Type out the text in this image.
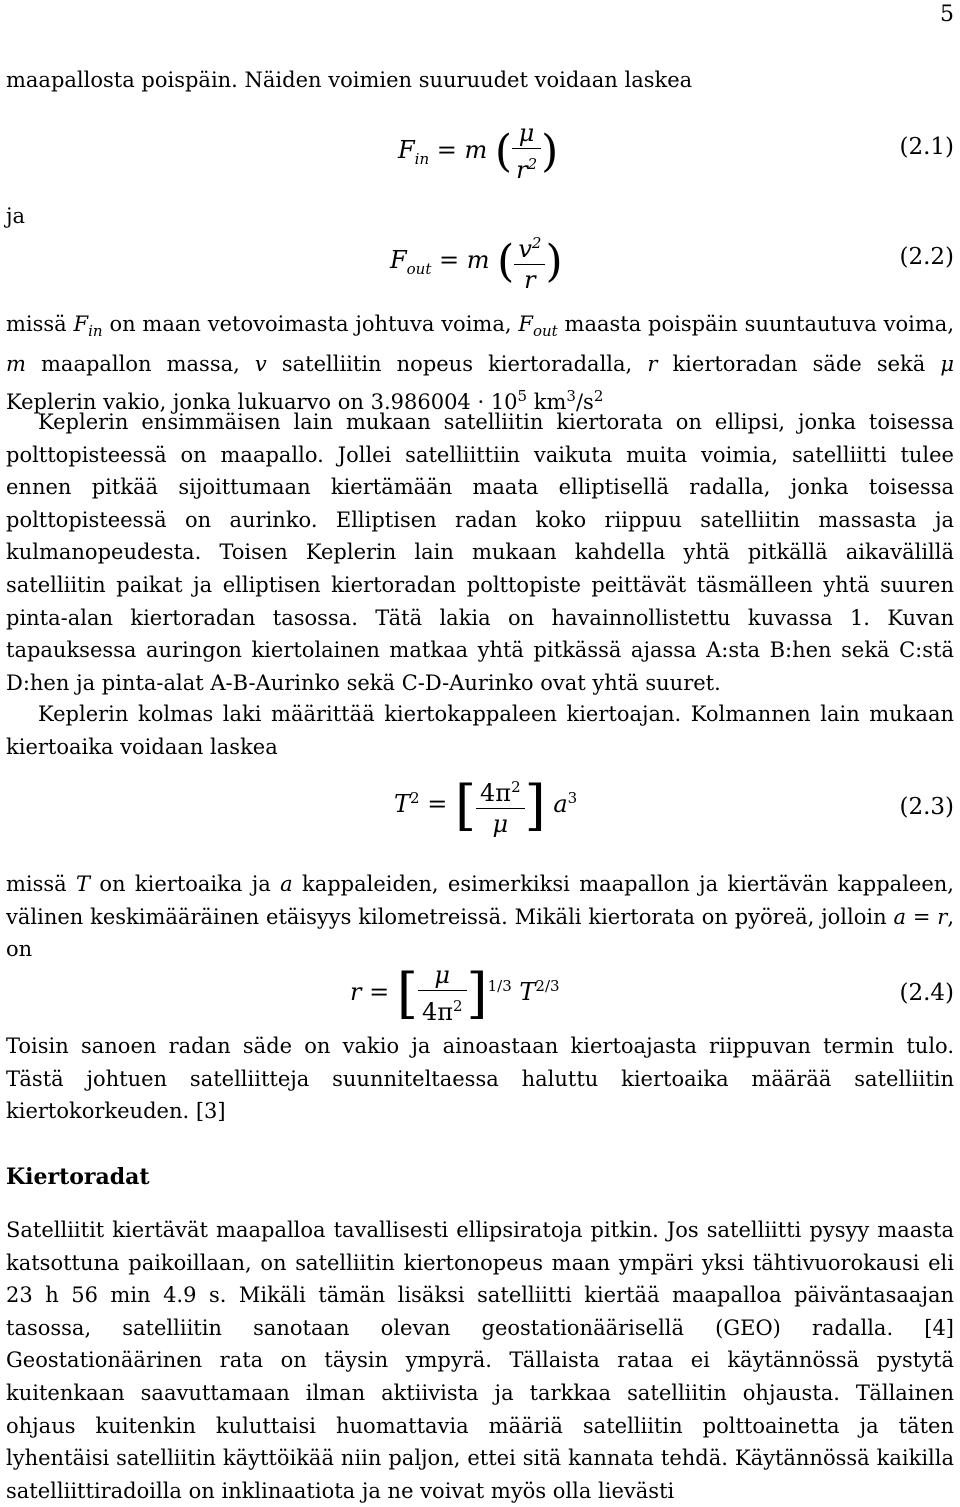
5

maapallosta poispäin. Näiden voimien suuruudet voidaan laskea

$F_{in} = m$ ( $\frac{\mu}{r^2}$ )	(2.1)

ja

$F_{out} = m$ ( $\frac{v^2}{r}$ )	(2.2)

missä $F_{in}$ on maan vetovoimasta johtuva voima, $F_{out}$ maasta poispäin suuntautuva voima, m maapallon massa, v satelliitin nopeus kiertoradalla, r kiertoradan säde sekä μ Keplerin vakio, jonka lukuarvo on $3.986004 \cdot 10^5$ $km^3/s^2$

Keplerin ensimmäisen lain mukaan satelliitin kiertorata on ellipsi, jonka toisessa polttopisteessä on maapallo. Jollei satelliittiin vaikuta muita voimia, satelliitti tulee ennen pitkää sijoittumaan kiertämään maata elliptisellä radalla, jonka toisessa polttopisteessä on aurinko. Elliptisen radan koko riippuu satelliitin massasta ja kulmanopeudesta. Toisen Keplerin lain mukaan kahdella yhtä pitkällä aikavälillä satelliitin paikat ja elliptisen kiertoradan polttopiste peittävät täsmälleen yhtä suuren pinta-alan kiertoradan tasossa. Tätä lakia on havainnollistettu kuvassa 1. Kuvan tapauksessa auringon kiertolainen matkaa yhtä pitkässä ajassa A:sta B:hen sekä C:stä D:hen ja pinta-alat A-B-Aurinko sekä C-D-Aurinko ovat yhtä suuret.

Keplerin kolmas laki määrittää kiertokappaleen kiertoajan. Kolmannen lain mukaan kiertoaika voidaan laskea

$T^2$ = [ $\frac{4\pi^2}{\mu}$ ] $a^3$	(2.3)

missä T on kiertoaika ja a kappaleiden, esimerkiksi maapallon ja kiertävän kappaleen, välinen keskimääräinen etäisyys kilometreissä. Mikäli kiertorata on pyöreä, jolloin a = r, on

r = [ $\frac{\mu}{4\pi^2} ]^{1/3}$ $T^{2/3}$	(2.4)

Toisin sanoen radan säde on vakio ja ainoastaan kiertoajasta riippuvan termin tulo. Tästä johtuen satelliitteja suunniteltaessa haluttu kiertoaika määrää satelliitin kiertokorkeuden. [3]

Kiertoradat

Satelliitit kiertävät maapalloa tavallisesti ellipsiratoja pitkin. Jos satelliitti pysyy maasta katsottuna paikoillaan, on satelliitin kiertonopeus maan ympäri yksi tähtivuorokausi eli 23 h 56 min 4.9 s. Mikäli tämän lisäksi satelliitti kiertää maapalloa päiväntasaajan tasossa, satelliitin sanotaan olevan geostationäärisellä (GEO) radalla. [4] Geostationäärinen rata on täysin ympyrä. Tällaista rataa ei käytännössä pystytä kuitenkaan saavuttamaan ilman aktiivista ja tarkkaa satelliitin ohjausta. Tällainen ohjaus kuitenkin kuluttaisi huomattavia määriä satelliitin polttoainetta ja täten lyhentäisi satelliitin käyttöikää niin paljon, ettei sitä kannata tehdä. Käytännössä kaikilla satelliittiradoilla on inklinaatiota ja ne voivat myös olla lievästi
